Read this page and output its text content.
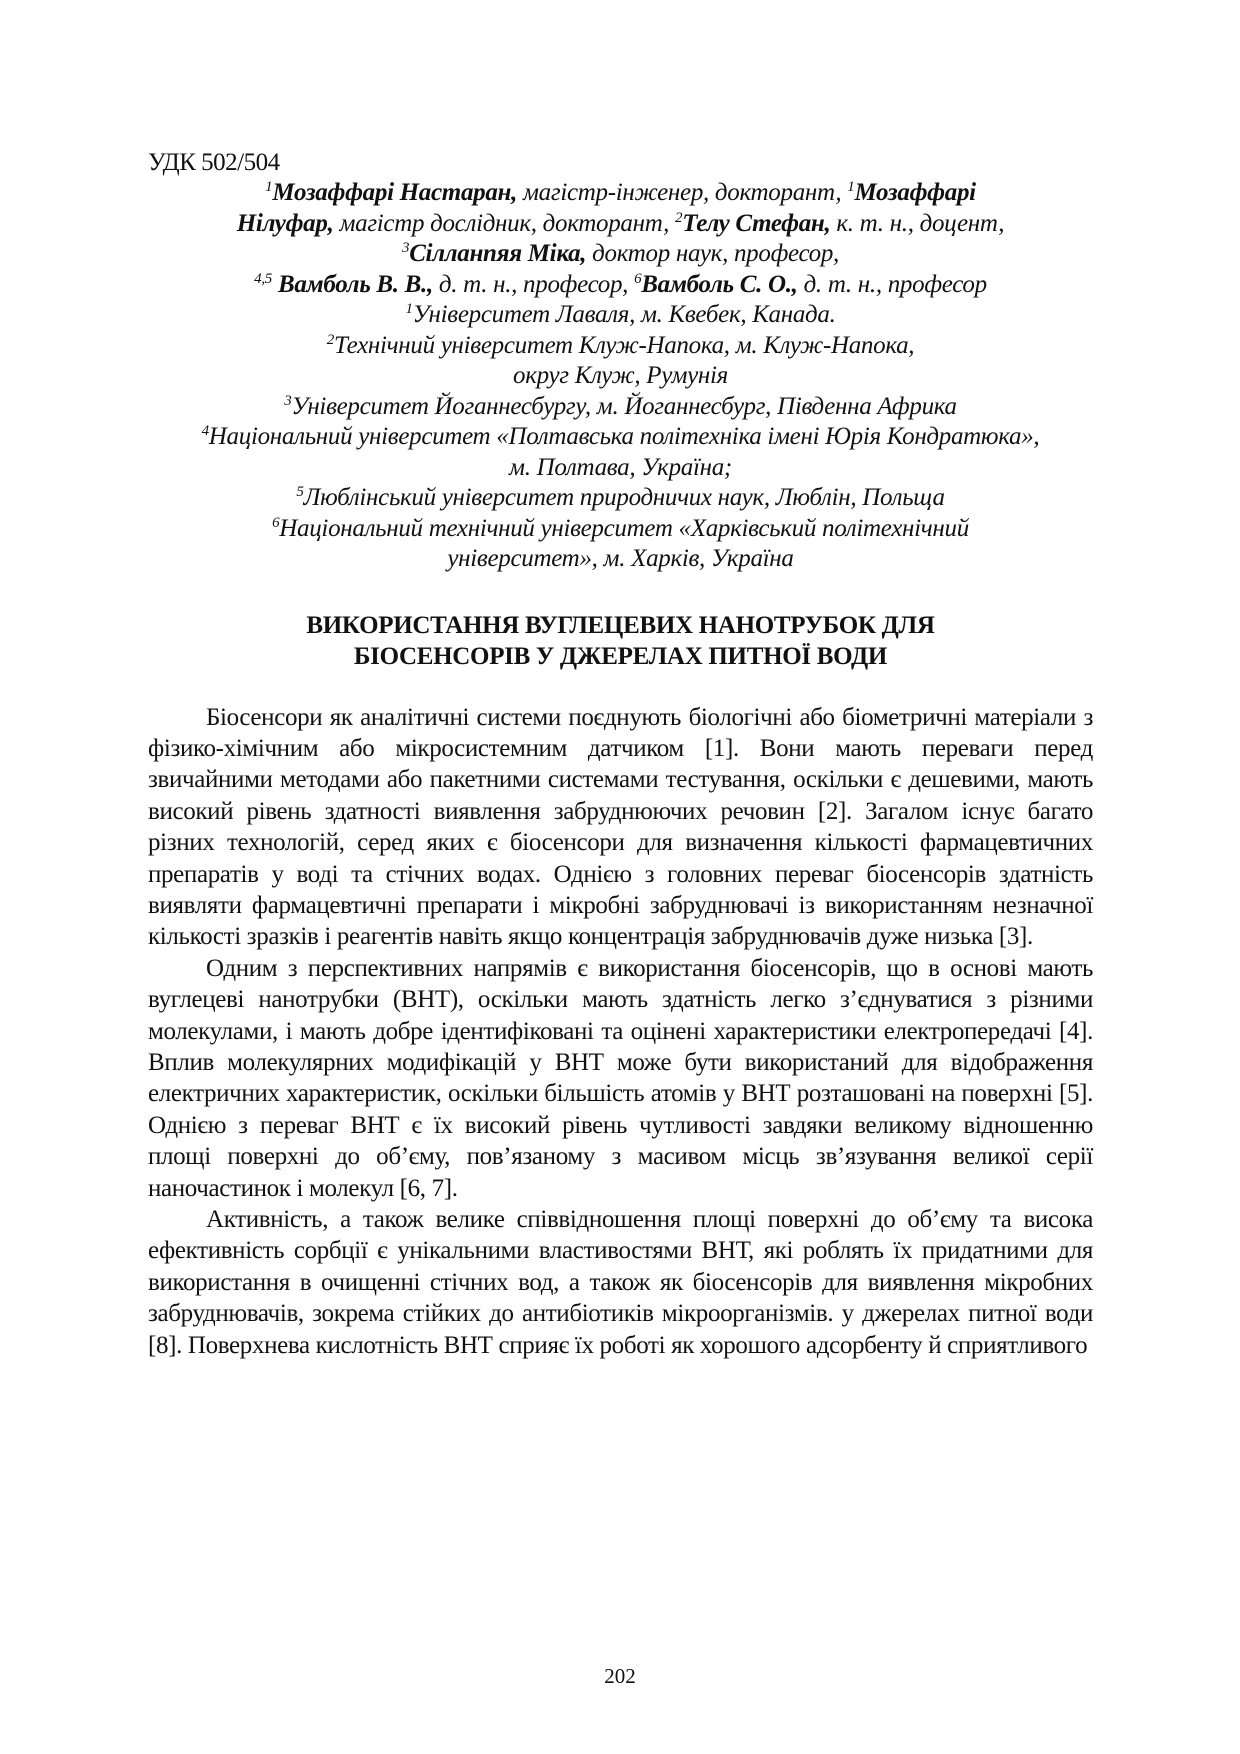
УДК 502/504

$^1$Мозаффарі Настаран, магістр-інженер, докторант, $^1$Мозаффарі
Нілуфар, магістр дослідник, докторант, $^2$Телу Стефан, к. т. н., доцент,
$^3$Сілланпяя Міка, доктор наук, професор,
$^{4,5}$ Вамболь В. В., д. т. н., професор, $^6$Вамболь С. О., д. т. н., професор
$^1$Університет Лаваля, м. Квебек, Канада.
$^2$Технічний університет Клуж-Напока, м. Клуж-Напока,
округ Клуж, Румунія
$^3$Університет Йоганнесбургу, м. Йоганнесбург, Південна Африка
$^4$Національний університет «Полтавська політехніка імені Юрія Кондратюка»,
м. Полтава, Україна;
$^5$Люблінський університет природничих наук, Люблін, Польща
$^6$Національний технічний університет «Харківський політехнічний
університет», м. Харків, Україна
ВИКОРИСТАННЯ ВУГЛЕЦЕВИХ НАНОТРУБОК ДЛЯ
БІОСЕНСОРІВ У ДЖЕРЕЛАХ ПИТНОЇ ВОДИ

Біосенсори як аналітичні системи поєднують біологічні або біометричні матеріали з фізико-хімічним або мікросистемним датчиком [1]. Вони мають переваги перед звичайними методами або пакетними системами тестування, оскільки є дешевими, мають високий рівень здатності виявлення забруднюючих речовин [2]. Загалом існує багато різних технологій, серед яких є біосенсори для визначення кількості фармацевтичних препаратів у воді та стічних водах. Однією з головних переваг біосенсорів здатність виявляти фармацевтичні препарати і мікробні забруднювачі із використанням незначної кількості зразків і реагентів навіть якщо концентрація забруднювачів дуже низька [3].

Одним з перспективних напрямів є використання біосенсорів, що в основі мають вуглецеві нанотрубки (ВНТ), оскільки мають здатність легко з’єднуватися з різними молекулами, і мають добре ідентифіковані та оцінені характеристики електропередачі [4]. Вплив молекулярних модифікацій у ВНТ може бути використаний для відображення електричних характеристик, оскільки більшість атомів у ВНТ розташовані на поверхні [5]. Однією з переваг ВНТ є їх високий рівень чутливості завдяки великому відношенню площі поверхні до об’єму, пов’язаному з масивом місць зв’язування великої серії наночастинок і молекул [6, 7].

Активність, а також велике співвідношення площі поверхні до об’єму та висока ефективність сорбції є унікальними властивостями ВНТ, які роблять їх придатними для використання в очищенні стічних вод, а також як біосенсорів для виявлення мікробних забруднювачів, зокрема стійких до антибіотиків мікроорганізмів. у джерелах питної води [8]. Поверхнева кислотність ВНТ сприяє їх роботі як хорошого адсорбенту й сприятливого

202
